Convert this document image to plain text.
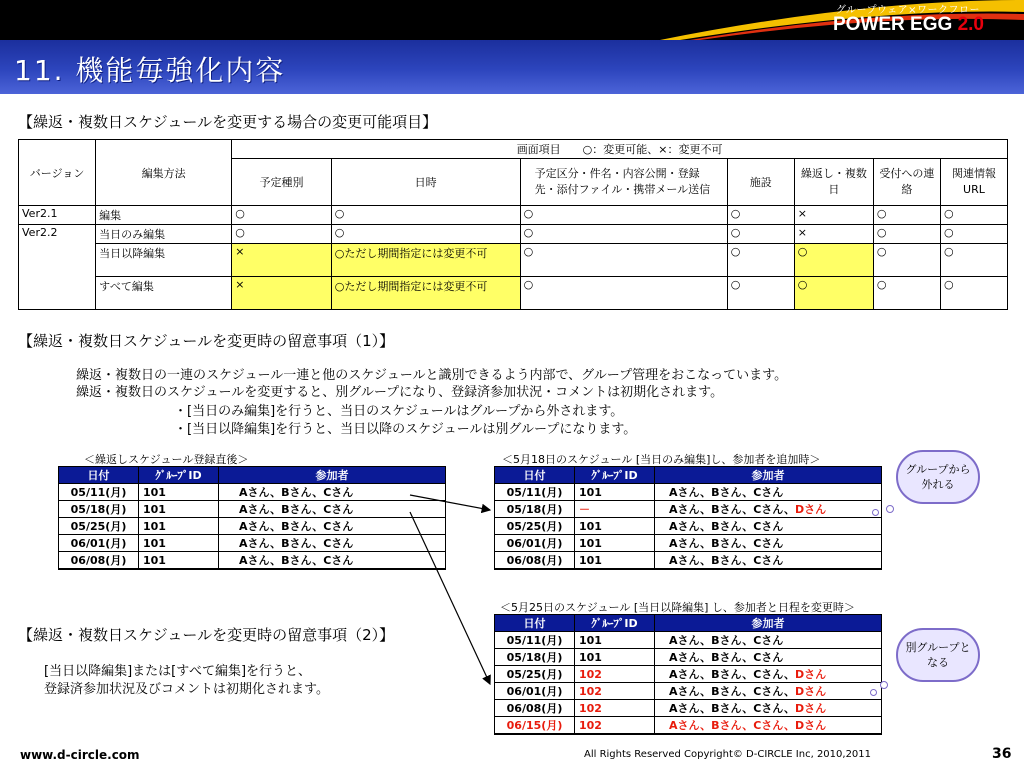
グループウェア×ワークフロー
POWER EGG 2.0
11. 機能毎強化内容
【繰返・複数日スケジュールを変更する場合の変更可能項目】
バージョン	編集方法	画面項目　　○：変更可能、×：変更不可						
		予定種別	日時	予定区分・件名・内容公開・登録先・添付ファイル・携帯メール送信	施設	繰返し・複数日	受付への連絡	関連情報URL
Ver2.1	編集	○	○	○	○	×	○	○
Ver2.2	当日のみ編集	○	○	○	○	×	○	○
	当日以降編集	×	○ただし期間指定には変更不可	○	○	○	○	○
	すべて編集	×	○ただし期間指定には変更不可	○	○	○	○	○
【繰返・複数日スケジュールを変更時の留意事項（1）】
繰返・複数日の一連のスケジュール一連と他のスケジュールと識別できるよう内部で、グループ管理をおこなっています。
繰返・複数日のスケジュールを変更すると、別グループになり、登録済参加状況・コメントは初期化されます。
・[当日のみ編集]を行うと、当日のスケジュールはグループから外されます。
・[当日以降編集]を行うと、当日以降のスケジュールは別グループになります。
＜繰返しスケジュール登録直後＞	＜5月18日のスケジュール [当日のみ編集]し、参加者を追加時＞
＜5月25日のスケジュール [当日以降編集] し、参加者と日程を変更時＞
日付	ｸﾞﾙｰﾌﾟID	参加者
05/11(月)	101	Aさん、Bさん、Cさん
05/18(月)	101	Aさん、Bさん、Cさん
05/25(月)	101	Aさん、Bさん、Cさん
06/01(月)	101	Aさん、Bさん、Cさん
06/08(月)	101	Aさん、Bさん、Cさん
日付	ｸﾞﾙｰﾌﾟID	参加者
05/11(月)	101	Aさん、Bさん、Cさん
05/18(月)	－	Aさん、Bさん、Cさん、Dさん
05/25(月)	101	Aさん、Bさん、Cさん
06/01(月)	101	Aさん、Bさん、Cさん
06/08(月)	101	Aさん、Bさん、Cさん
【繰返・複数日スケジュールを変更時の留意事項（2）】
[当日以降編集]または[すべて編集]を行うと、
登録済参加状況及びコメントは初期化されます。
日付	ｸﾞﾙｰﾌﾟID	参加者
05/11(月)	101	Aさん、Bさん、Cさん
05/18(月)	101	Aさん、Bさん、Cさん
05/25(月)	102	Aさん、Bさん、Cさん、Dさん
06/01(月)	102	Aさん、Bさん、Cさん、Dさん
06/08(月)	102	Aさん、Bさん、Cさん、Dさん
06/15(月)	102	Aさん、Bさん、Cさん、Dさん
グループから外れる
別グループとなる
www.d-circle.com	All Rights Reserved Copyright© D-CIRCLE Inc, 2010,2011	36
